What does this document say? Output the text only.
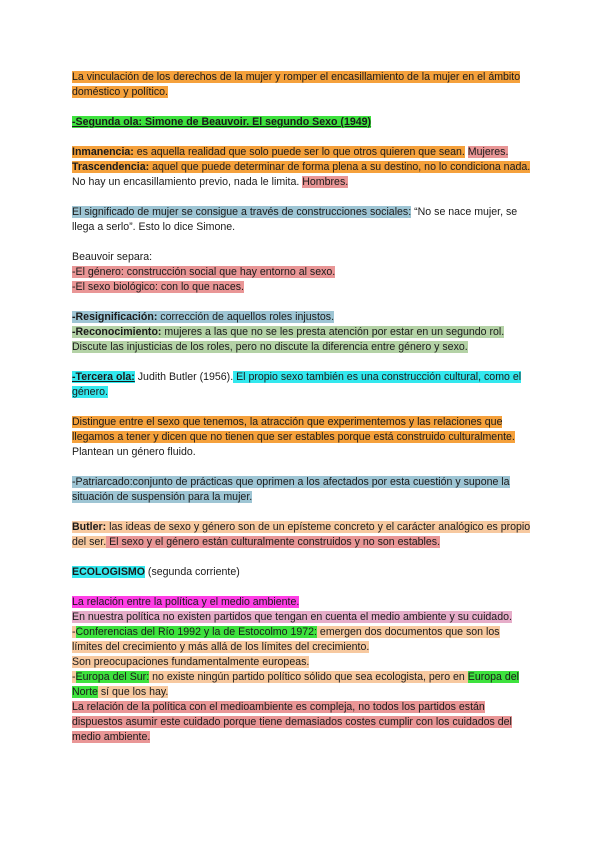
La vinculación de los derechos de la mujer y romper el encasillamiento de la mujer en el ámbito doméstico y político.
-Segunda ola: Simone de Beauvoir. El segundo Sexo (1949)
Inmanencia: es aquella realidad que solo puede ser lo que otros quieren que sean. Mujeres.
Trascendencia: aquel que puede determinar de forma plena a su destino, no lo condiciona nada. No hay un encasillamiento previo, nada le limita. Hombres.
El significado de mujer se consigue a través de construcciones sociales: “No se nace mujer, se llega a serlo”. Esto lo dice Simone.
Beauvoir separa:
-El género: construcción social que hay entorno al sexo.
-El sexo biológico: con lo que naces.
-Resignificación: corrección de aquellos roles injustos.
-Reconocimiento: mujeres a las que no se les presta atención por estar en un segundo rol.
Discute las injusticias de los roles, pero no discute la diferencia entre género y sexo.
-Tercera ola: Judith Butler (1956). El propio sexo también es una construcción cultural, como el género.
Distingue entre el sexo que tenemos, la atracción que experimentemos y las relaciones que llegamos a tener y dicen que no tienen que ser estables porque está construido culturalmente. Plantean un género fluido.
-Patriarcado:conjunto de prácticas que oprimen a los afectados por esta cuestión y supone la situación de suspensión para la mujer.
Butler: las ideas de sexo y género son de un epísteme concreto y el carácter analógico es propio del ser. El sexo y el género están culturalmente construidos y no son estables.
ECOLOGISMO (segunda corriente)
La relación entre la política y el medio ambiente.
En nuestra política no existen partidos que tengan en cuenta el medio ambiente y su cuidado.
-Conferencias del Río 1992 y la de Estocolmo 1972: emergen dos documentos que son los límites del crecimiento y más allá de los límites del crecimiento.
Son preocupaciones fundamentalmente europeas.
-Europa del Sur: no existe ningún partido político sólido que sea ecologista, pero en Europa del Norte sí que los hay.
La relación de la política con el medioambiente es compleja, no todos los partidos están dispuestos asumir este cuidado porque tiene demasiados costes cumplir con los cuidados del medio ambiente.
